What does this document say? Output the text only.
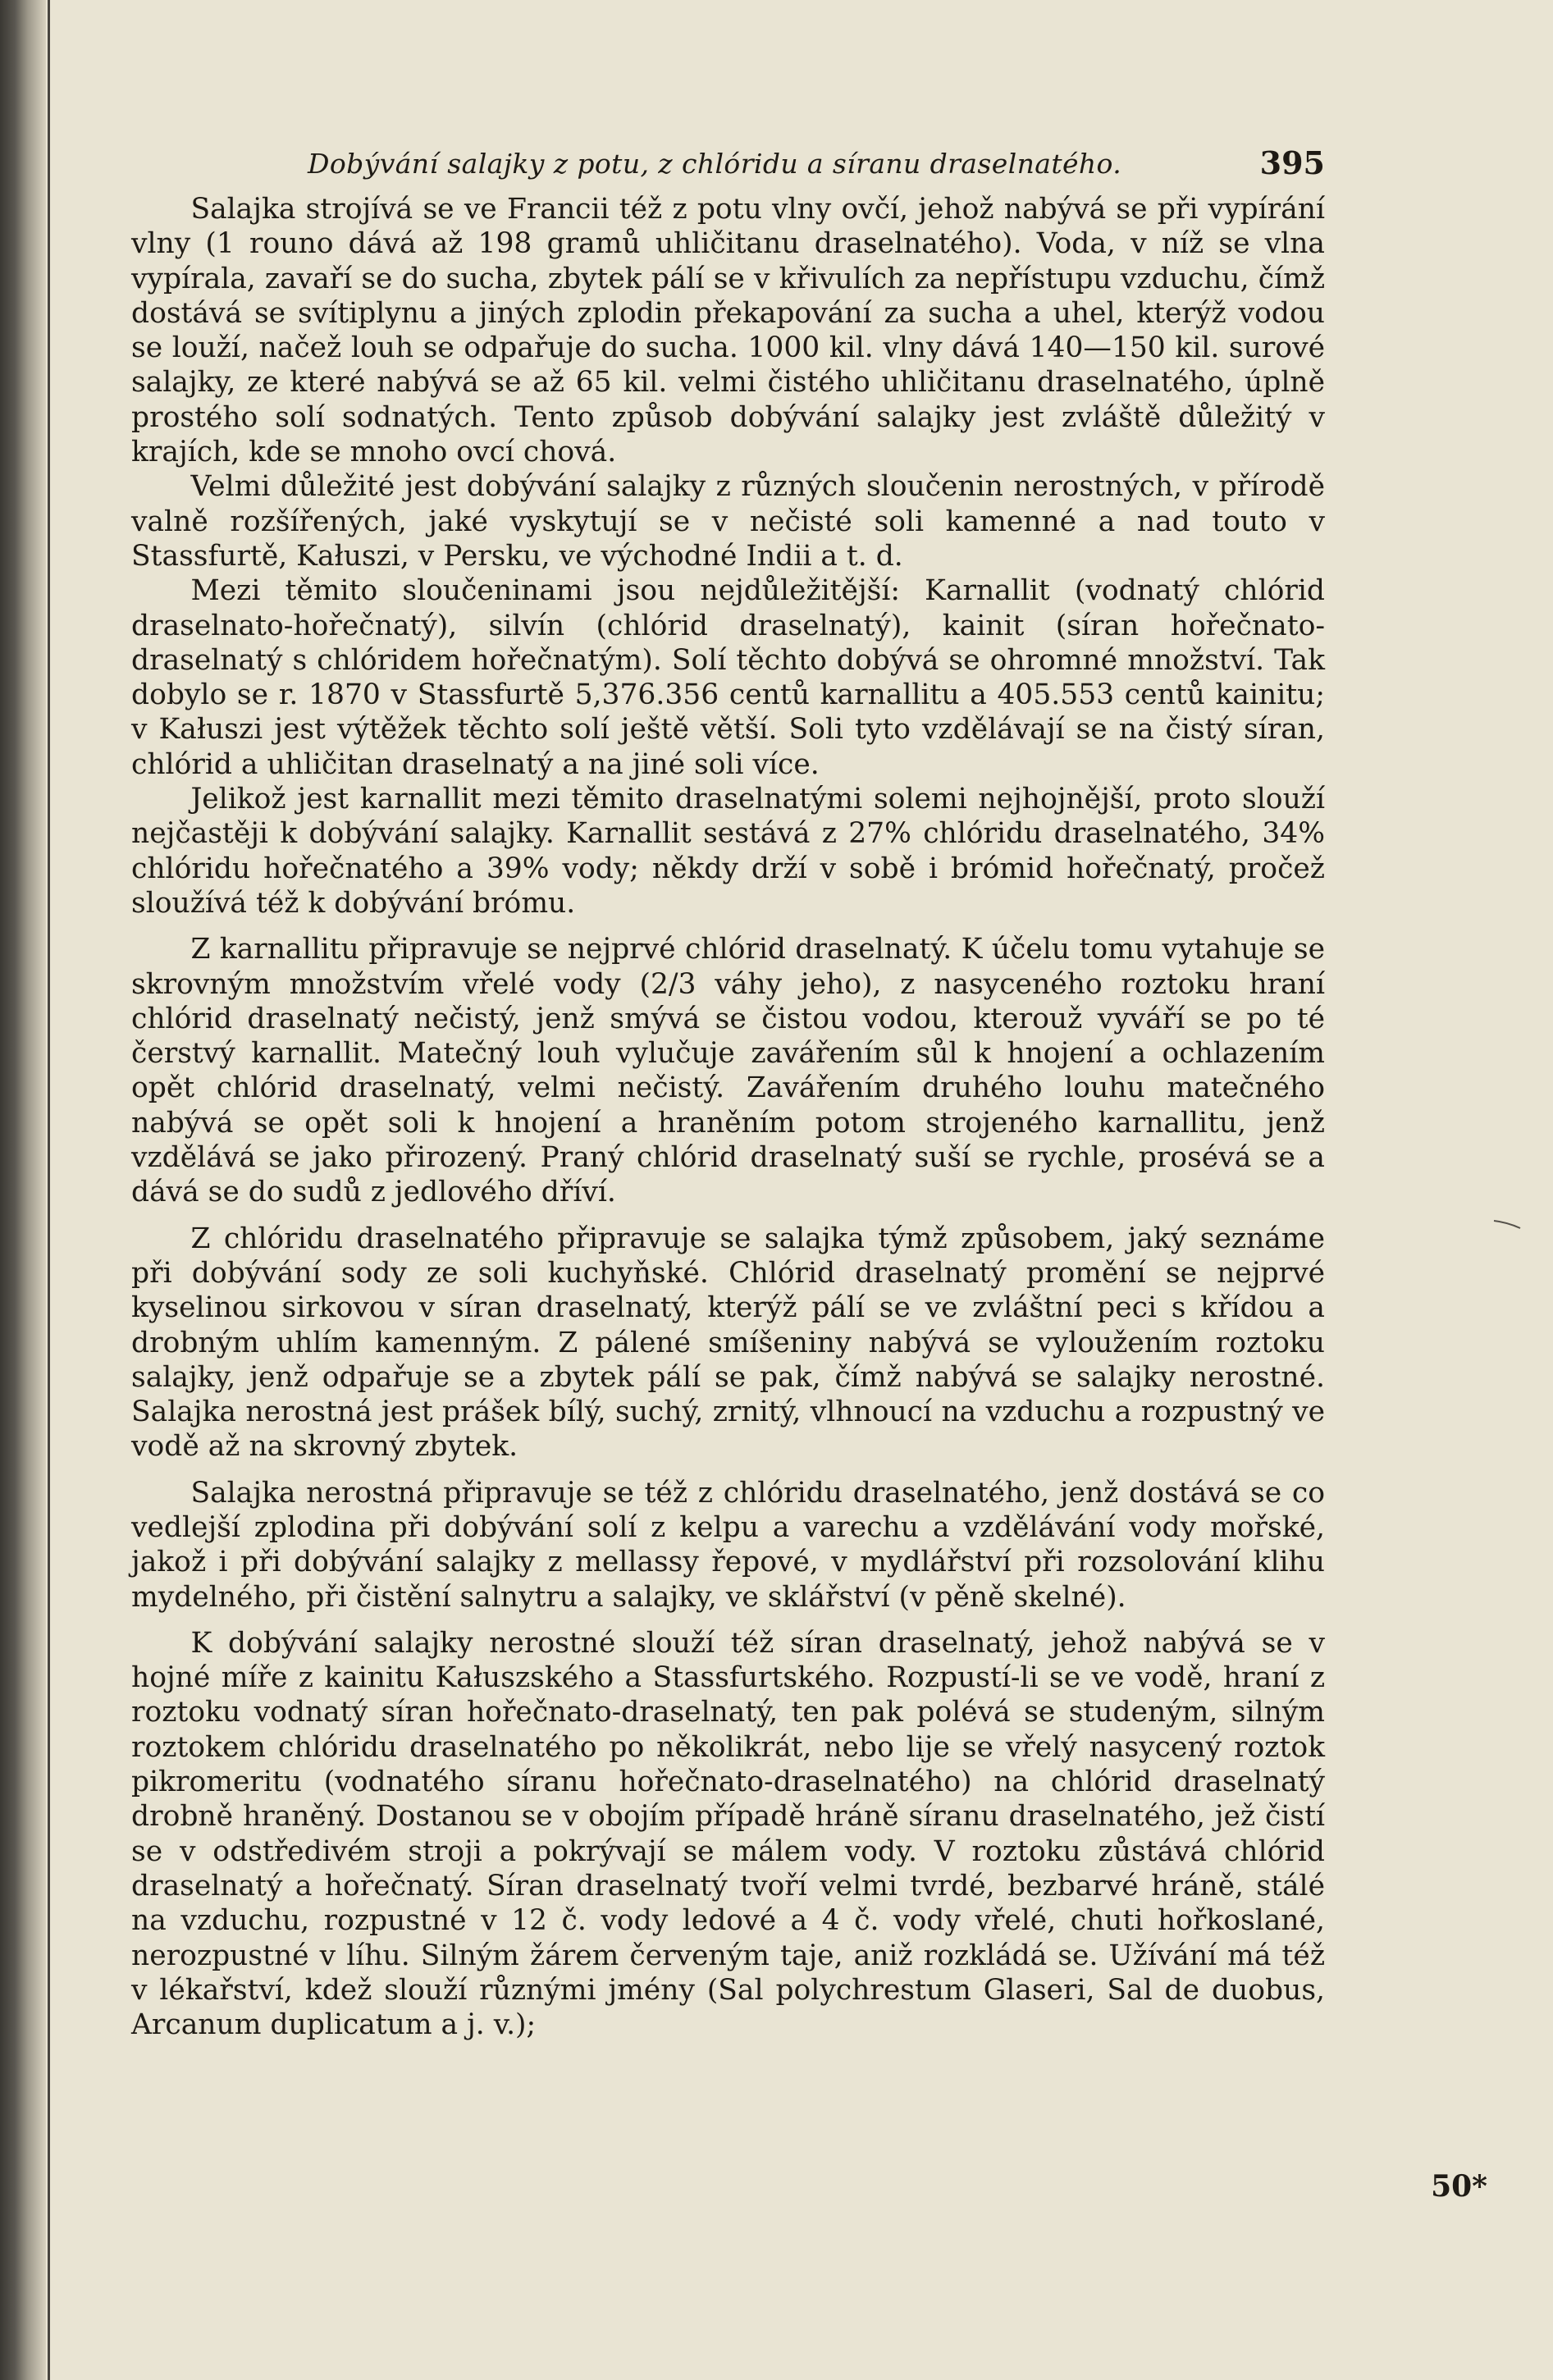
Dobývání salajky z potu, z chlóridu a síranu draselnatého.	395

Salajka strojívá se ve Francii též z potu vlny ovčí, jehož nabývá se při vypírání vlny (1 rouno dává až 198 gramů uhličitanu draselnatého). Voda, v níž se vlna vypírala, zavaří se do sucha, zbytek pálí se v křivulích za nepřístupu vzduchu, čímž dostává se svítiplynu a jiných zplodin překapování za sucha a uhel, kterýž vodou se louží, načež louh se odpařuje do sucha. 1000 kil. vlny dává 140—150 kil. surové salajky, ze které nabývá se až 65 kil. velmi čistého uhličitanu draselnatého, úplně prostého solí sodnatých. Tento způsob dobývání salajky jest zvláště důležitý v krajích, kde se mnoho ovcí chová.

Velmi důležité jest dobývání salajky z různých sloučenin nerostných, v přírodě valně rozšířených, jaké vyskytují se v nečisté soli kamenné a nad touto v Stassfurtě, Kałuszi, v Persku, ve východné Indii a t. d.

Mezi těmito sloučeninami jsou nejdůležitější: Karnallit (vodnatý chlórid draselnato-hořečnatý), silvín (chlórid draselnatý), kainit (síran hořečnato-draselnatý s chlóridem hořečnatým). Solí těchto dobývá se ohromné množství. Tak dobylo se r. 1870 v Stassfurtě 5,376.356 centů karnallitu a 405.553 centů kainitu; v Kałuszi jest výtěžek těchto solí ještě větší. Soli tyto vzdělávají se na čistý síran, chlórid a uhličitan draselnatý a na jiné soli více.

Jelikož jest karnallit mezi těmito draselnatými solemi nejhojnější, proto slouží nejčastěji k dobývání salajky. Karnallit sestává z 27% chlóridu draselnatého, 34% chlóridu hořečnatého a 39% vody; někdy drží v sobě i brómid hořečnatý, pročež sloužívá též k dobývání brómu.

Z karnallitu připravuje se nejprvé chlórid draselnatý. K účelu tomu vytahuje se skrovným množstvím vřelé vody (2/3 váhy jeho), z nasyceného roztoku hraní chlórid draselnatý nečistý, jenž smývá se čistou vodou, kterouž vyváří se po té čerstvý karnallit. Matečný louh vylučuje zavářením sůl k hnojení a ochlazením opět chlórid draselnatý, velmi nečistý. Zavářením druhého louhu matečného nabývá se opět soli k hnojení a hraněním potom strojeného karnallitu, jenž vzdělává se jako přirozený. Praný chlórid draselnatý suší se rychle, prosévá se a dává se do sudů z jedlového dříví.

Z chlóridu draselnatého připravuje se salajka týmž způsobem, jaký seznáme při dobývání sody ze soli kuchyňské. Chlórid draselnatý promění se nejprvé kyselinou sirkovou v síran draselnatý, kterýž pálí se ve zvláštní peci s křídou a drobným uhlím kamenným. Z pálené smíšeniny nabývá se vyloužením roztoku salajky, jenž odpařuje se a zbytek pálí se pak, čímž nabývá se salajky nerostné. Salajka nerostná jest prášek bílý, suchý, zrnitý, vlhnoucí na vzduchu a rozpustný ve vodě až na skrovný zbytek.

Salajka nerostná připravuje se též z chlóridu draselnatého, jenž dostává se co vedlejší zplodina při dobývání solí z kelpu a varechu a vzdělávání vody mořské, jakož i při dobývání salajky z mellassy řepové, v mydlářství při rozsolování klihu mydelného, při čistění salnytru a salajky, ve sklářství (v pěně skelné).

K dobývání salajky nerostné slouží též síran draselnatý, jehož nabývá se v hojné míře z kainitu Kałuszského a Stassfurtského. Rozpustí-li se ve vodě, hraní z roztoku vodnatý síran hořečnato-draselnatý, ten pak polévá se studeným, silným roztokem chlóridu draselnatého po několikrát, nebo lije se vřelý nasycený roztok pikromeritu (vodnatého síranu hořečnato-draselnatého) na chlórid draselnatý drobně hraněný. Dostanou se v obojím případě hráně síranu draselnatého, jež čistí se v odstředivém stroji a pokrývají se málem vody. V roztoku zůstává chlórid draselnatý a hořečnatý. Síran draselnatý tvoří velmi tvrdé, bezbarvé hráně, stálé na vzduchu, rozpustné v 12 č. vody ledové a 4 č. vody vřelé, chuti hořkoslané, nerozpustné v líhu. Silným žárem červeným taje, aniž rozkládá se. Užívání má též v lékařství, kdež slouží různými jmény (Sal polychrestum Glaseri, Sal de duobus, Arcanum duplicatum a j. v.);

50*
